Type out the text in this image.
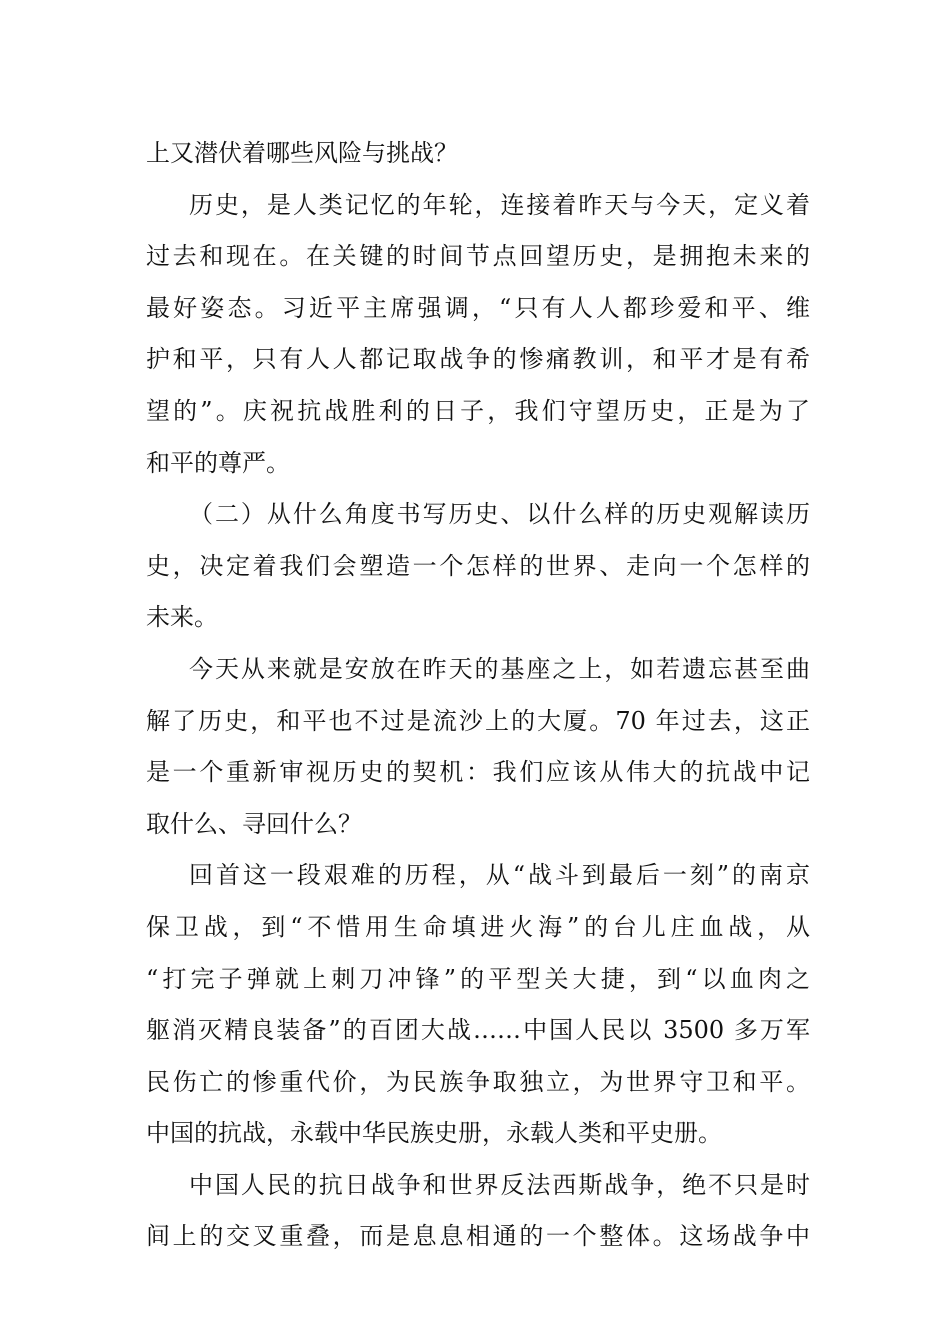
上又潜伏着哪些风险与挑战？
历史，是人类记忆的年轮，连接着昨天与今天，定义着
过去和现在。在关键的时间节点回望历史，是拥抱未来的
最好姿态。习近平主席强调，“只有人人都珍爱和平、维
护和平，只有人人都记取战争的惨痛教训，和平才是有希
望的”。庆祝抗战胜利的日子，我们守望历史，正是为了
和平的尊严。
（二）从什么角度书写历史、以什么样的历史观解读历
史，决定着我们会塑造一个怎样的世界、走向一个怎样的
未来。
今天从来就是安放在昨天的基座之上，如若遗忘甚至曲
解了历史，和平也不过是流沙上的大厦。70 年过去，这正
是一个重新审视历史的契机：我们应该从伟大的抗战中记
取什么、寻回什么？
回首这一段艰难的历程，从“战斗到最后一刻”的南京
保卫战，到“不惜用生命填进火海”的台儿庄血战，从
“打完子弹就上刺刀冲锋”的平型关大捷，到“以血肉之
躯消灭精良装备”的百团大战……中国人民以 3500 多万军
民伤亡的惨重代价，为民族争取独立，为世界守卫和平。
中国的抗战，永载中华民族史册，永载人类和平史册。
中国人民的抗日战争和世界反法西斯战争，绝不只是时
间上的交叉重叠，而是息息相通的一个整体。这场战争中
